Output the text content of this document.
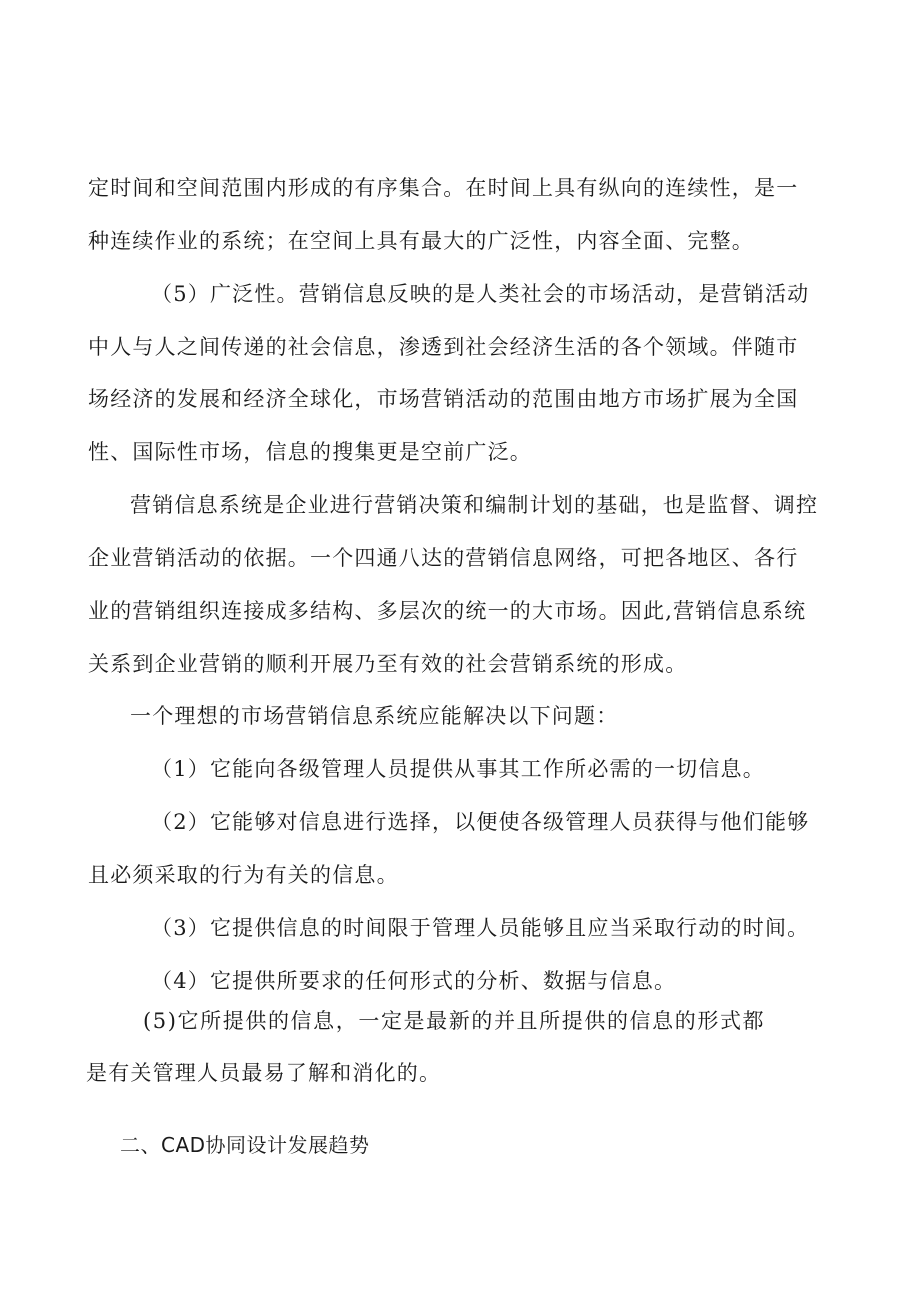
定时间和空间范围内形成的有序集合。在时间上具有纵向的连续性，是一
种连续作业的系统；在空间上具有最大的广泛性，内容全面、完整。
（5）广泛性。营销信息反映的是人类社会的市场活动，是营销活动
中人与人之间传递的社会信息，渗透到社会经济生活的各个领域。伴随市
场经济的发展和经济全球化，市场营销活动的范围由地方市场扩展为全国
性、国际性市场，信息的搜集更是空前广泛。
营销信息系统是企业进行营销决策和编制计划的基础，也是监督、调控
企业营销活动的依据。一个四通八达的营销信息网络，可把各地区、各行
业的营销组织连接成多结构、多层次的统一的大市场。因此,营销信息系统
关系到企业营销的顺利开展乃至有效的社会营销系统的形成。
一个理想的市场营销信息系统应能解决以下问题：
（1）它能向各级管理人员提供从事其工作所必需的一切信息。
（2）它能够对信息进行选择，以便使各级管理人员获得与他们能够
且必须采取的行为有关的信息。
（3）它提供信息的时间限于管理人员能够且应当采取行动的时间。
（4）它提供所要求的任何形式的分析、数据与信息。
(5)它所提供的信息，一定是最新的并且所提供的信息的形式都
是有关管理人员最易了解和消化的。
二、CAD协同设计发展趋势
